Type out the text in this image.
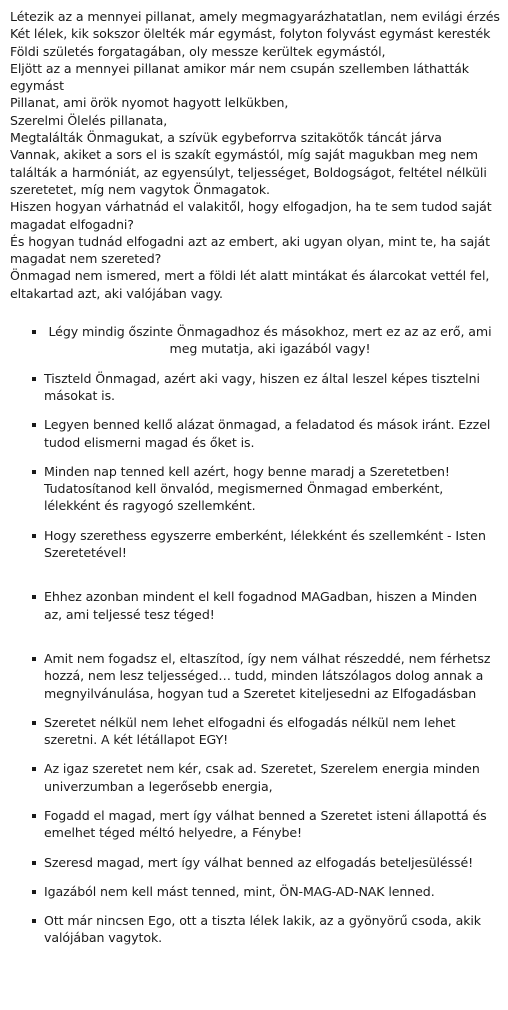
Létezik az a mennyei pillanat, amely megmagyarázhatatlan, nem evilági érzés

Két lélek, kik sokszor ölelték már egymást, folyton folyvást egymást keresték

Földi születés forgatagában, oly messze kerültek egymástól,

Eljött az a mennyei pillanat amikor már nem csupán szellemben láthatták egymást

Pillanat, ami örök nyomot hagyott lelkükben,

Szerelmi Ölelés pillanata,

Megtalálták Önmagukat, a szívük egybeforrva szitakötők táncát járva

Vannak, akiket a sors el is szakít egymástól, míg saját magukban meg nem találták a harmóniát, az egyensúlyt, teljességet, Boldogságot, feltétel nélküli szeretetet, míg nem vagytok Önmagatok.

Hiszen hogyan várhatnád el valakitől, hogy elfogadjon, ha te sem tudod saját magadat elfogadni?

És hogyan tudnád elfogadni azt az embert, aki ugyan olyan, mint te, ha saját magadat nem szereted?

Önmagad nem ismered, mert a földi lét alatt mintákat és álarcokat vettél fel, eltakartad azt, aki valójában vagy.

Légy mindig őszinte Önmagadhoz és másokhoz, mert ez az az erő, ami meg mutatja, aki igazából vagy!
Tiszteld Önmagad, azért aki vagy, hiszen ez által leszel képes tisztelni másokat is.
Legyen benned kellő alázat önmagad, a feladatod és mások iránt. Ezzel tudod elismerni magad és őket is.
Minden nap tenned kell azért, hogy benne maradj a Szeretetben! Tudatosítanod kell önvalód, megismerned Önmagad emberként, lélekként és ragyogó szellemként.
Hogy szerethess egyszerre emberként, lélekként és szellemként - Isten Szeretetével!
Ehhez azonban mindent el kell fogadnod MAGadban, hiszen a Minden az, ami teljessé tesz téged!
Amit nem fogadsz el, eltaszítod, így nem válhat részeddé, nem férhetsz hozzá, nem lesz teljességed… tudd, minden látszólagos dolog annak a megnyilvánulása, hogyan tud a Szeretet kiteljesedni az Elfogadásban
Szeretet nélkül nem lehet elfogadni és elfogadás nélkül nem lehet szeretni. A két létállapot EGY!
Az igaz szeretet nem kér, csak ad. Szeretet, Szerelem energia minden univerzumban a legerősebb energia,
Fogadd el magad, mert így válhat benned a Szeretet isteni állapottá és emelhet téged méltó helyedre, a Fénybe!
Szeresd magad, mert így válhat benned az elfogadás beteljesüléssé!
Igazából nem kell mást tenned, mint, ÖN-MAG-AD-NAK lenned.
Ott már nincsen Ego, ott a tiszta lélek lakik, az a gyönyörű csoda, akik valójában vagytok.
